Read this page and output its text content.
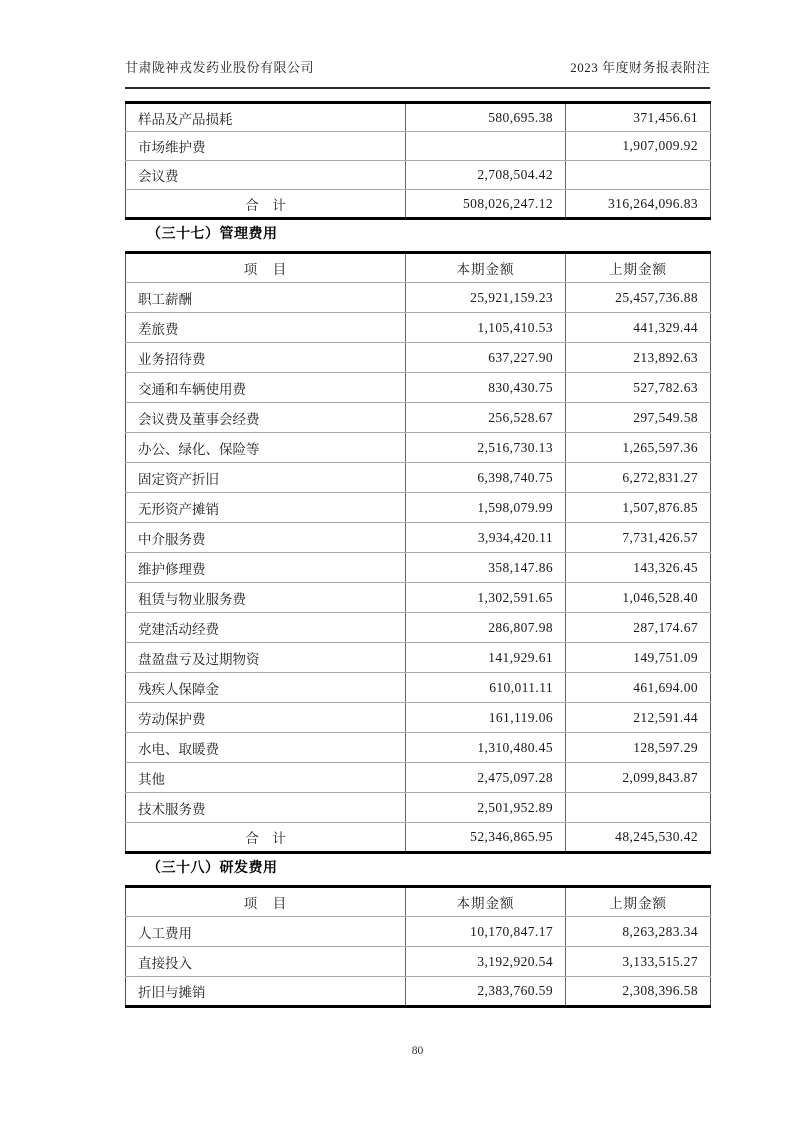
甘肃陇神戎发药业股份有限公司	2023 年度财务报表附注
样品及产品损耗	580,695.38	371,456.61
市场维护费		1,907,009.92
会议费	2,708,504.42	
合　计	508,026,247.12	316,264,096.83
（三十七）管理费用
项　目	本期金额	上期金额
职工薪酬	25,921,159.23	25,457,736.88
差旅费	1,105,410.53	441,329.44
业务招待费	637,227.90	213,892.63
交通和车辆使用费	830,430.75	527,782.63
会议费及董事会经费	256,528.67	297,549.58
办公、绿化、保险等	2,516,730.13	1,265,597.36
固定资产折旧	6,398,740.75	6,272,831.27
无形资产摊销	1,598,079.99	1,507,876.85
中介服务费	3,934,420.11	7,731,426.57
维护修理费	358,147.86	143,326.45
租赁与物业服务费	1,302,591.65	1,046,528.40
党建活动经费	286,807.98	287,174.67
盘盈盘亏及过期物资	141,929.61	149,751.09
残疾人保障金	610,011.11	461,694.00
劳动保护费	161,119.06	212,591.44
水电、取暖费	1,310,480.45	128,597.29
其他	2,475,097.28	2,099,843.87
技术服务费	2,501,952.89	
合　计	52,346,865.95	48,245,530.42
（三十八）研发费用
项　目	本期金额	上期金额
人工费用	10,170,847.17	8,263,283.34
直接投入	3,192,920.54	3,133,515.27
折旧与摊销	2,383,760.59	2,308,396.58
80
